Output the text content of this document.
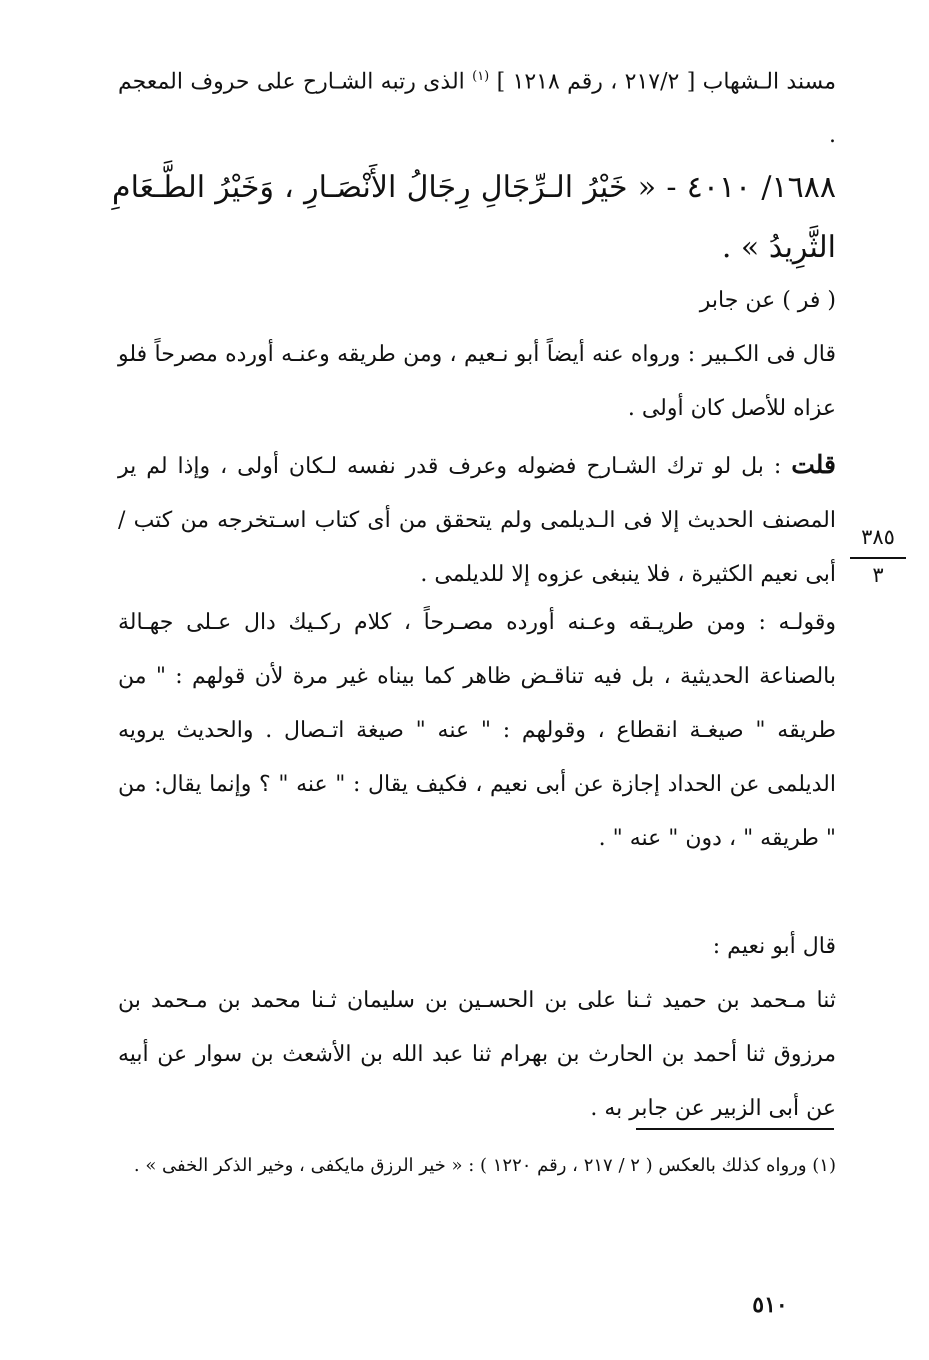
مسند الـشهاب [ ٢١٧/٢ ، رقم ١٢١٨ ] $^{(١)}$ الذى رتبه الشـارح على حروف المعجم .

١٦٨٨/ ٤٠١٠ - « خَيْرُ الـرِّجَالِ رِجَالُ الأَنْصَـارِ ، وَخَيْرُ الطَّـعَامِ الثَّرِيدُ » .

( فر ) عن جابر

قال فى الكـبير : ورواه عنه أيضاً أبو نـعيم ، ومن طريقه وعنـه أورده مصرحاً فلو عزاه للأصل كان أولى .

قلت : بل لو ترك الشـارح فضوله وعرف قدر نفسه لـكان أولى ، وإذا لم ير المصنف الحديث إلا فى الـديلمى ولم يتحقق من أى كتاب اسـتخرجه من كتب /أبى نعيم الكثيرة ، فلا ينبغى عزوه إلا للديلمى .

٣٨٥
٣

وقولـه : ومن طريـقه وعـنه أورده مصـرحاً ، كلام ركـيك دال عـلى جهـالة بالصناعة الحديثية ، بل فيه تناقـض ظاهر كما بيناه غير مرة لأن قولهم : " من طريقه " صيغـة انقطاع ، وقولهم : " عنه " صيغة اتـصال . والحديث يرويه الديلمى عن الحداد إجازة عن أبى نعيم ، فكيف يقال : " عنه " ؟ وإنما يقال: من " طريقه " ، دون " عنه " .

قال أبو نعيم :

ثنا مـحمد بن حميد ثـنا على بن الحسـين بن سليمان ثـنا محمد بن مـحمد بن مرزوق ثنا أحمد بن الحارث بن بهرام ثنا عبد الله بن الأشعث بن سوار عن أبيه عن أبى الزبير عن جابر به .

(١) ورواه كذلك بالعكس ( ٢ / ٢١٧ ، رقم ١٢٢٠ ) : « خير الرزق مايكفى ، وخير الذكر الخفى » .

٥١٠
